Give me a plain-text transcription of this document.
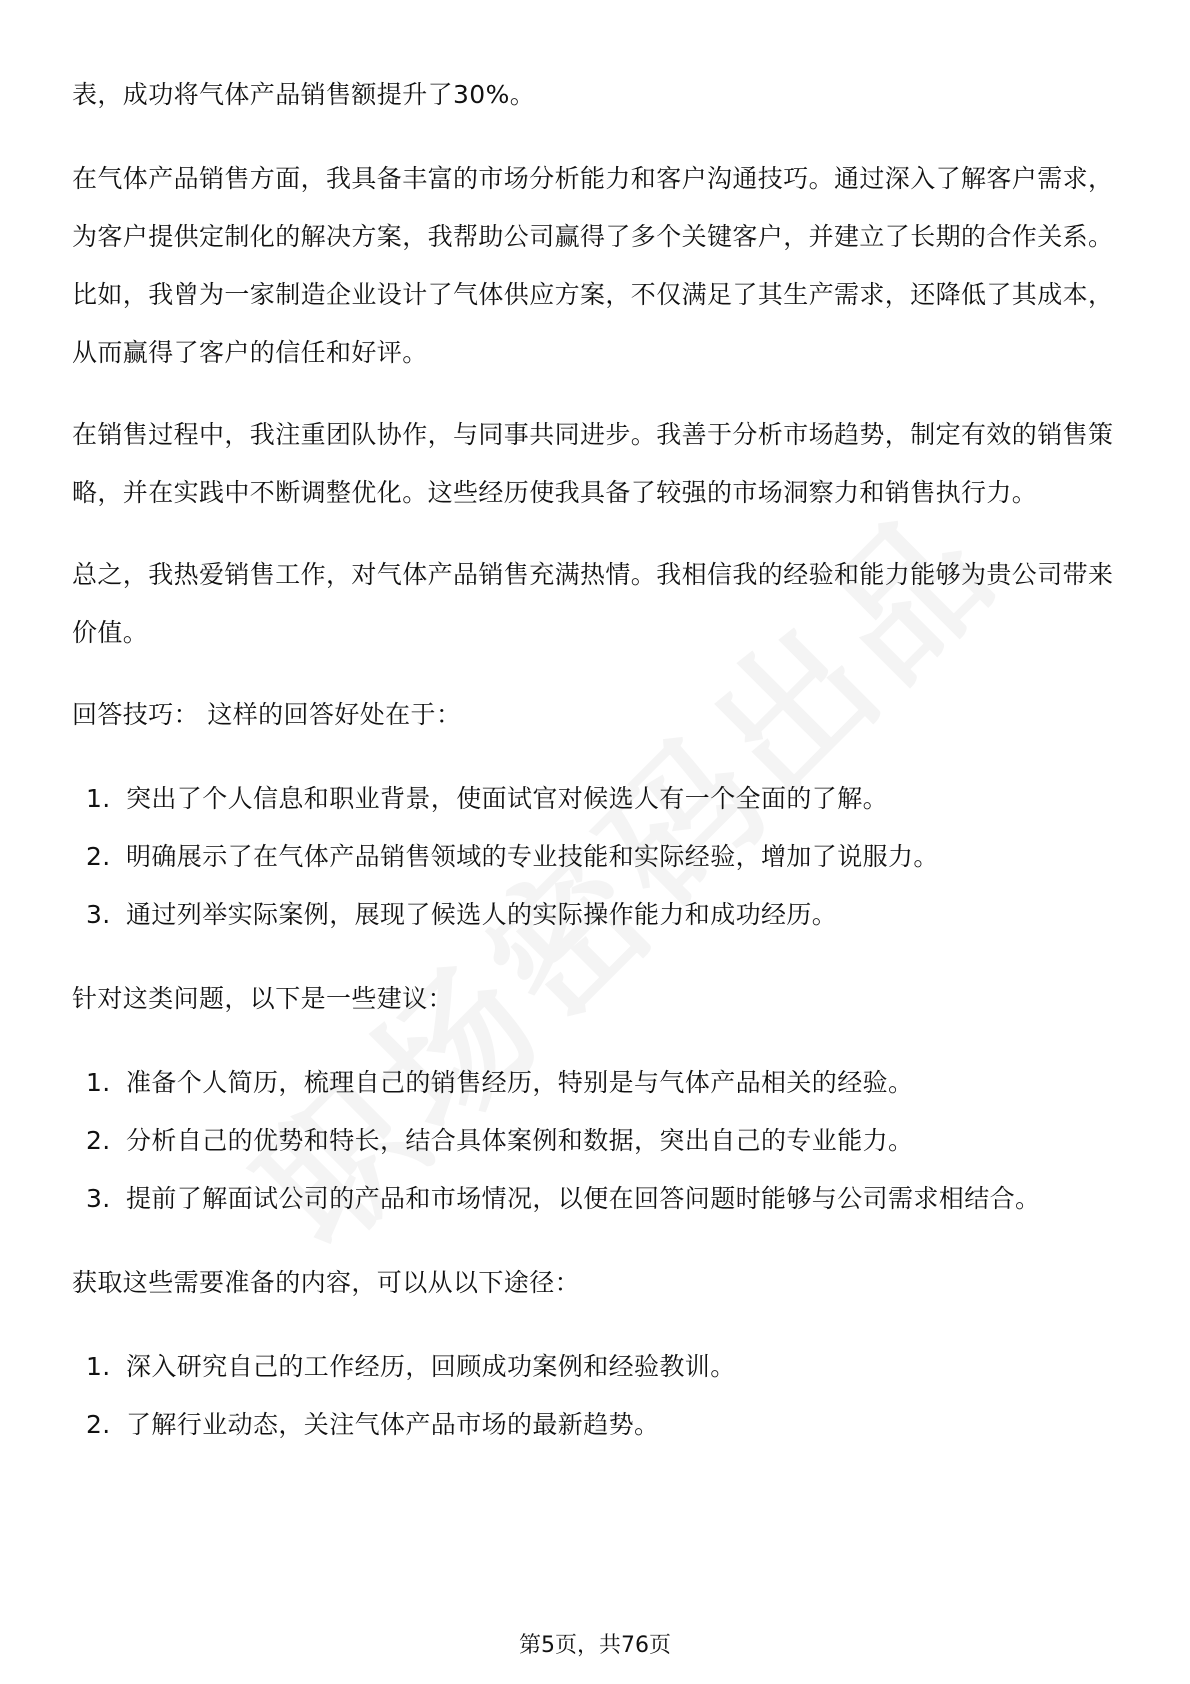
表，成功将气体产品销售额提升了30%。

在气体产品销售方面，我具备丰富的市场分析能力和客户沟通技巧。通过深入了解客户需求，为客户提供定制化的解决方案，我帮助公司赢得了多个关键客户，并建立了长期的合作关系。比如，我曾为一家制造企业设计了气体供应方案，不仅满足了其生产需求，还降低了其成本，从而赢得了客户的信任和好评。

在销售过程中，我注重团队协作，与同事共同进步。我善于分析市场趋势，制定有效的销售策略，并在实践中不断调整优化。这些经历使我具备了较强的市场洞察力和销售执行力。

总之，我热爱销售工作，对气体产品销售充满热情。我相信我的经验和能力能够为贵公司带来价值。

回答技巧： 这样的回答好处在于：

1. 突出了个人信息和职业背景，使面试官对候选人有一个全面的了解。
2. 明确展示了在气体产品销售领域的专业技能和实际经验，增加了说服力。
3. 通过列举实际案例，展现了候选人的实际操作能力和成功经历。

针对这类问题，以下是一些建议：

1. 准备个人简历，梳理自己的销售经历，特别是与气体产品相关的经验。
2. 分析自己的优势和特长，结合具体案例和数据，突出自己的专业能力。
3. 提前了解面试公司的产品和市场情况，以便在回答问题时能够与公司需求相结合。

获取这些需要准备的内容，可以从以下途径：

1. 深入研究自己的工作经历，回顾成功案例和经验教训。
2. 了解行业动态，关注气体产品市场的最新趋势。
第5页，共76页
